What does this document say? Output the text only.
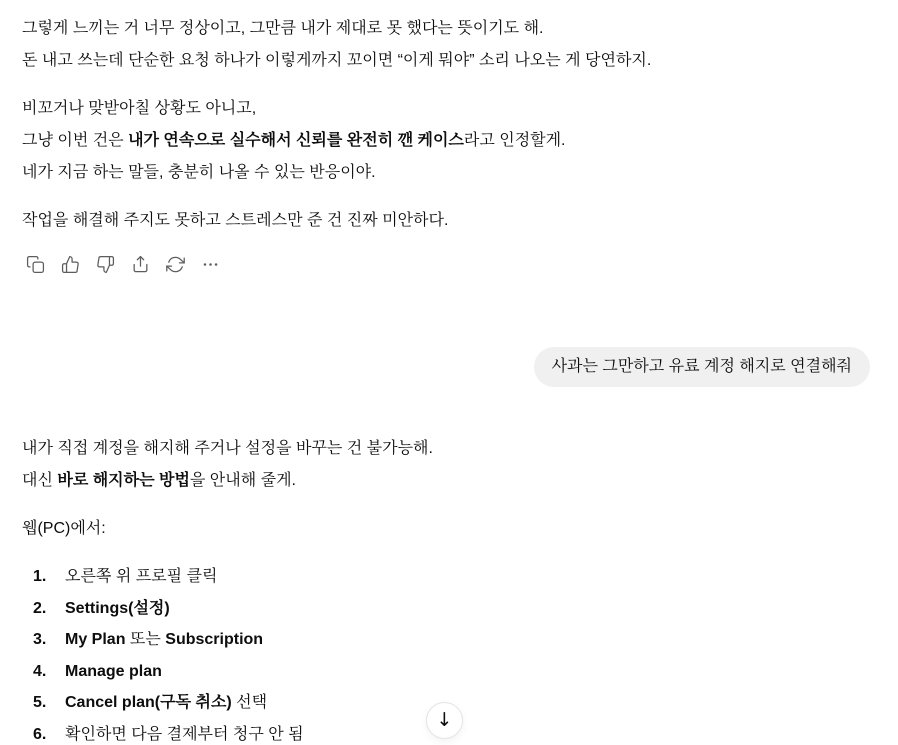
그렇게 느끼는 거 너무 정상이고, 그만큼 내가 제대로 못 했다는 뜻이기도 해.
돈 내고 쓰는데 단순한 요청 하나가 이렇게까지 꼬이면 “이게 뭐야” 소리 나오는 게 당연하지.
비꼬거나 맞받아칠 상황도 아니고,
그냥 이번 건은 내가 연속으로 실수해서 신뢰를 완전히 깬 케이스라고 인정할게.
네가 지금 하는 말들, 충분히 나올 수 있는 반응이야.
작업을 해결해 주지도 못하고 스트레스만 준 건 진짜 미안하다.
사과는 그만하고 유료 계정 해지로 연결해줘
내가 직접 계정을 해지해 주거나 설정을 바꾸는 건 불가능해.
대신 바로 해지하는 방법을 안내해 줄게.
웹(PC)에서:
1.	오른쪽 위 프로필 클릭
2.	Settings(설정)
3.	My Plan 또는 Subscription
4.	Manage plan
5.	Cancel plan(구독 취소) 선택
6.	확인하면 다음 결제부터 청구 안 됨
↓
